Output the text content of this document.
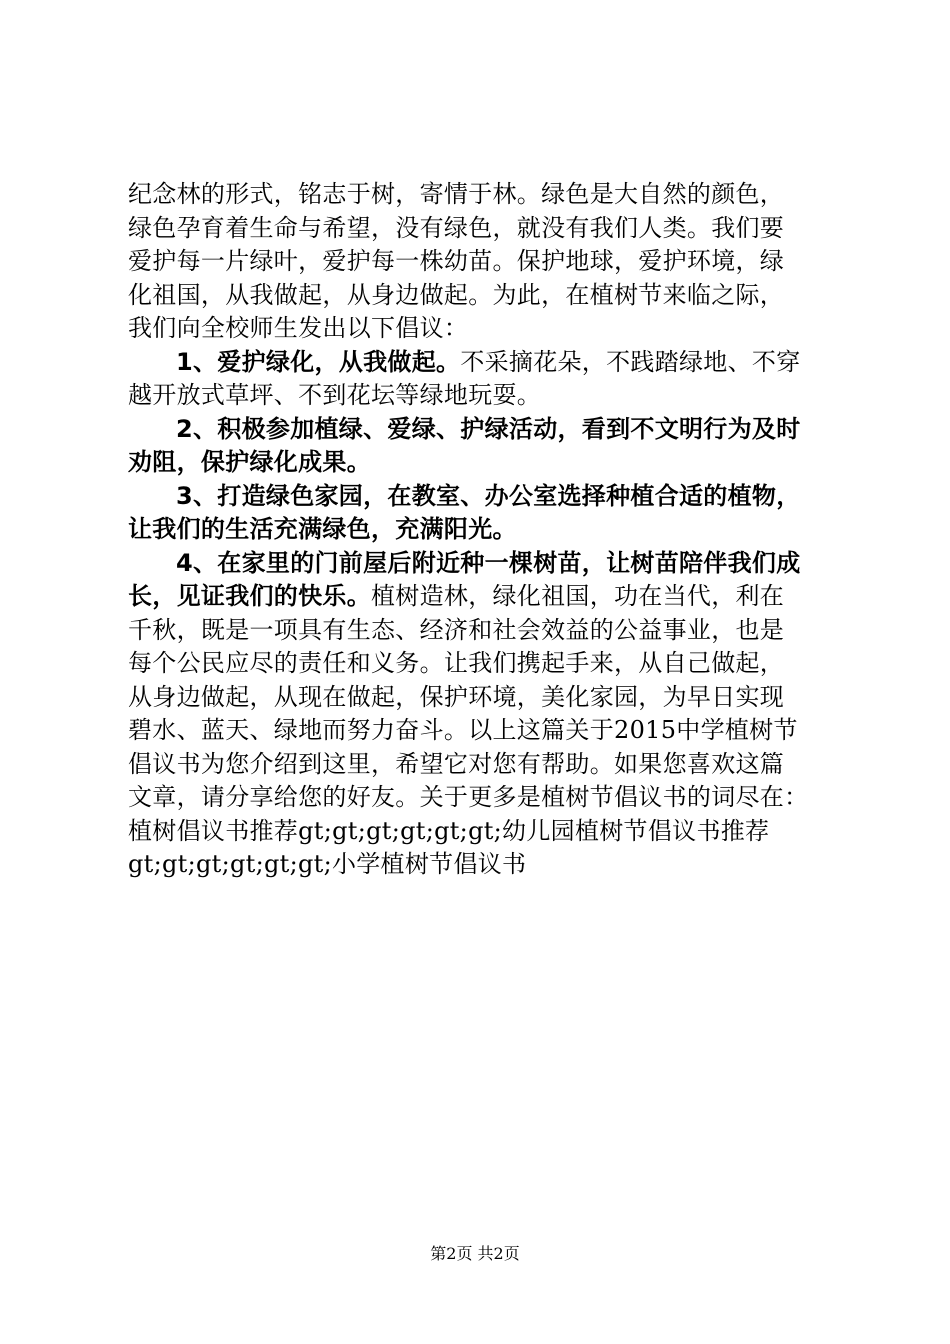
纪念林的形式，铭志于树，寄情于林。绿色是大自然的颜色，
绿色孕育着生命与希望，没有绿色，就没有我们人类。我们要
爱护每一片绿叶，爱护每一株幼苗。保护地球，爱护环境，绿
化祖国，从我做起，从身边做起。为此，在植树节来临之际，
我们向全校师生发出以下倡议：
1、爱护绿化，从我做起。不采摘花朵，不践踏绿地、不穿
越开放式草坪、不到花坛等绿地玩耍。
2、积极参加植绿、爱绿、护绿活动，看到不文明行为及时
劝阻，保护绿化成果。
3、打造绿色家园，在教室、办公室选择种植合适的植物，
让我们的生活充满绿色，充满阳光。
4、在家里的门前屋后附近种一棵树苗，让树苗陪伴我们成
长，见证我们的快乐。植树造林，绿化祖国，功在当代，利在
千秋，既是一项具有生态、经济和社会效益的公益事业，也是
每个公民应尽的责任和义务。让我们携起手来，从自己做起，
从身边做起，从现在做起，保护环境，美化家园，为早日实现
碧水、蓝天、绿地而努力奋斗。以上这篇关于2015中学植树节
倡议书为您介绍到这里，希望它对您有帮助。如果您喜欢这篇
文章，请分享给您的好友。关于更多是植树节倡议书的词尽在：
植树倡议书推荐gt;gt;gt;gt;gt;gt;幼儿园植树节倡议书推荐
gt;gt;gt;gt;gt;gt;小学植树节倡议书
第2页 共2页
